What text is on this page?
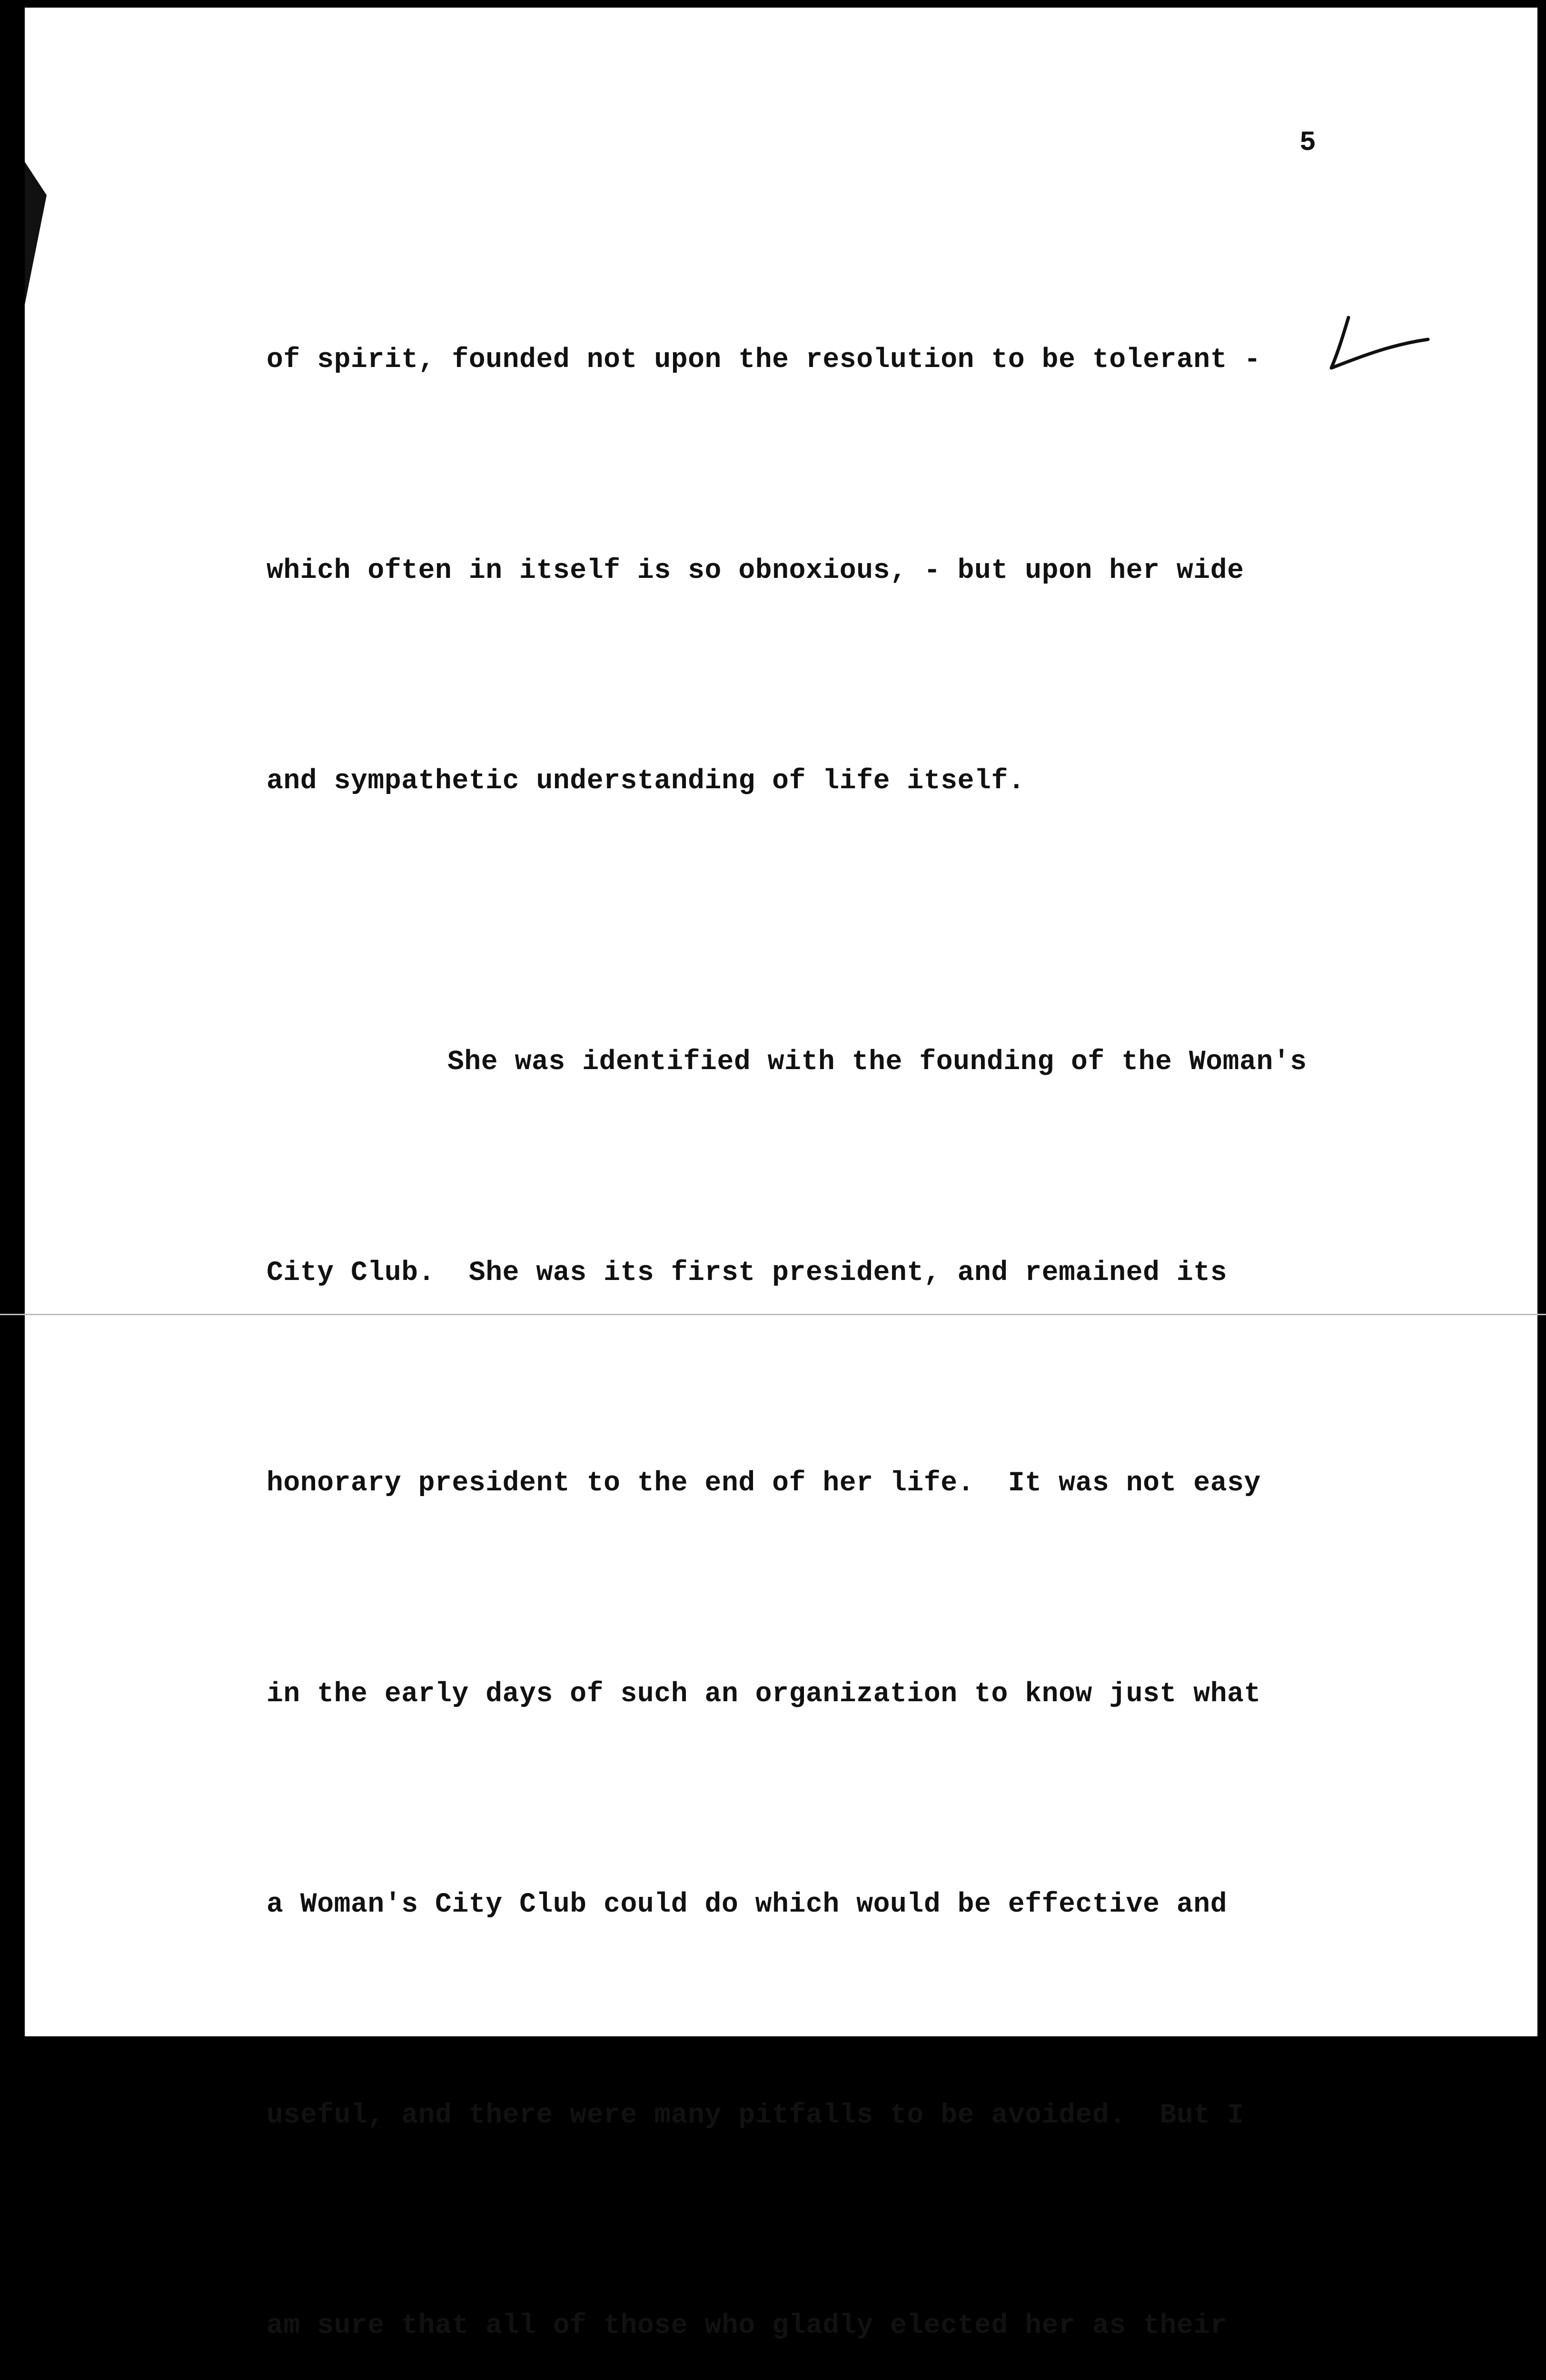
5

of spirit, founded not upon the resolution to be tolerant -

which often in itself is so obnoxious, - but upon her wide

and sympathetic understanding of life itself.

She was identified with the founding of the Woman's

City Club.  She was its first president, and remained its

honorary president to the end of her life.  It was not easy

in the early days of such an organization to know just what

a Woman's City Club could do which would be effective and

useful, and there were many pitfalls to be avoided.  But I

am sure that all of those who gladly elected her as their
